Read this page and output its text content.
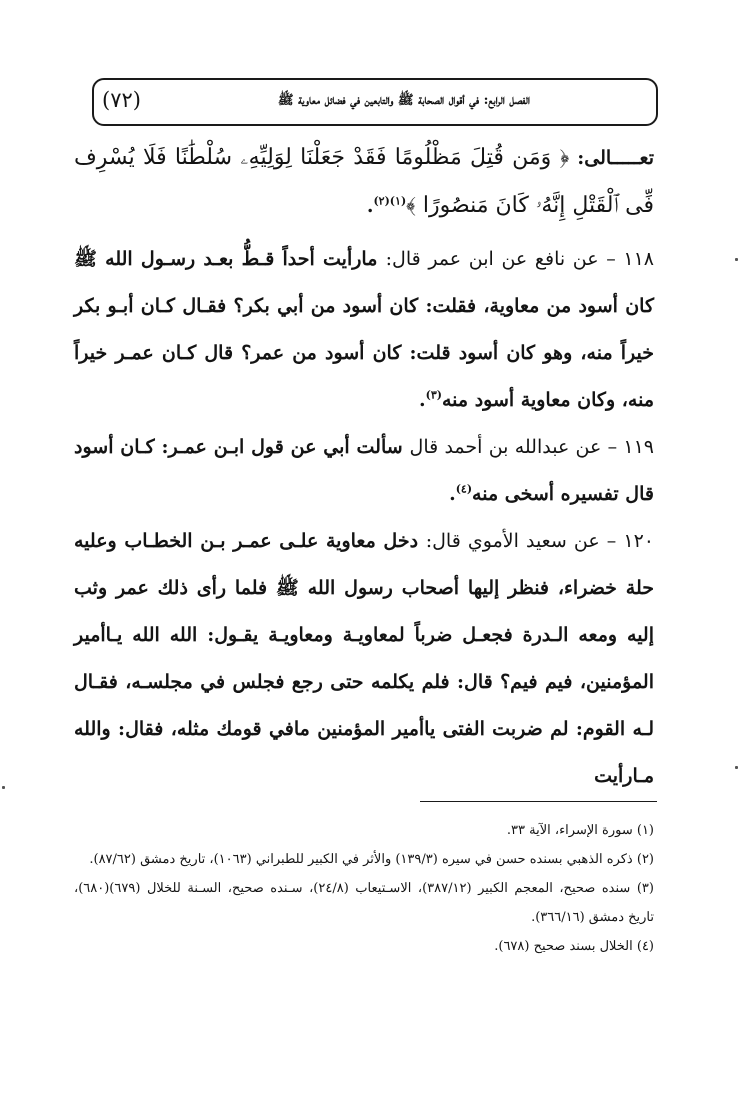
الفصل الرابع: في أقوال الصحابة ﷺ والتابعين في فضائل معاوية ﷺ
(٧٢)

تعـــــالى: ﴿ وَمَن قُتِلَ مَظْلُومًا فَقَدْ جَعَلْنَا لِوَلِيِّهِۦ سُلْطَٰنًا فَلَا يُسْرِف فِّى ٱلْقَتْلِ إِنَّهُۥ كَانَ مَنصُورًا ﴾$^{(١)(٢)}$.

١١٨ – عن نافع عن ابن عمر قال: مارأيت أحداً قـطُّ بعـد رسـول الله ﷺ كان أسود من معاوية، فقلت: كان أسود من أبي بكر؟ فقـال كـان أبـو بكر خيراً منه، وهو كان أسود قلت: كان أسود من عمر؟ قال كـان عمـر خيراً منه، وكان معاوية أسود منه$^{(٣)}$.

١١٩ – عن عبدالله بن أحمد قال سألت أبي عن قول ابـن عمـر: كـان أسود قال تفسيره أسخى منه$^{(٤)}$.

١٢٠ – عن سعيد الأموي قال: دخل معاوية علـى عمـر بـن الخطـاب وعليه حلة خضراء، فنظر إليها أصحاب رسول الله ﷺ فلما رأى ذلك عمر وثب إليه ومعه الـدرة فجعـل ضرباً لمعاويـة ومعاويـة يقـول: الله الله يـاأمير المؤمنين، فيم فيم؟ قال: فلم يكلمه حتى رجع فجلس في مجلسـه، فقـال لـه القوم: لم ضربت الفتى ياأمير المؤمنين مافي قومك مثله، فقال: والله مـارأيت

(١) سورة الإسراء، الآية ٣٣.

(٢) ذكره الذهبي بسنده حسن في سيره (١٣٩/٣) والأثر في الكبير للطبراني (١٠٦٣)، تاريخ دمشق (٨٧/٦٢).

(٣) سنده صحيح، المعجم الكبير (٣٨٧/١٢)، الاسـتيعاب (٢٤/٨)، سـنده صحيح، السـنة للخلال (٦٧٩)(٦٨٠)، تاريخ دمشق (٣٦٦/١٦).

(٤) الخلال بسند صحيح (٦٧٨).
